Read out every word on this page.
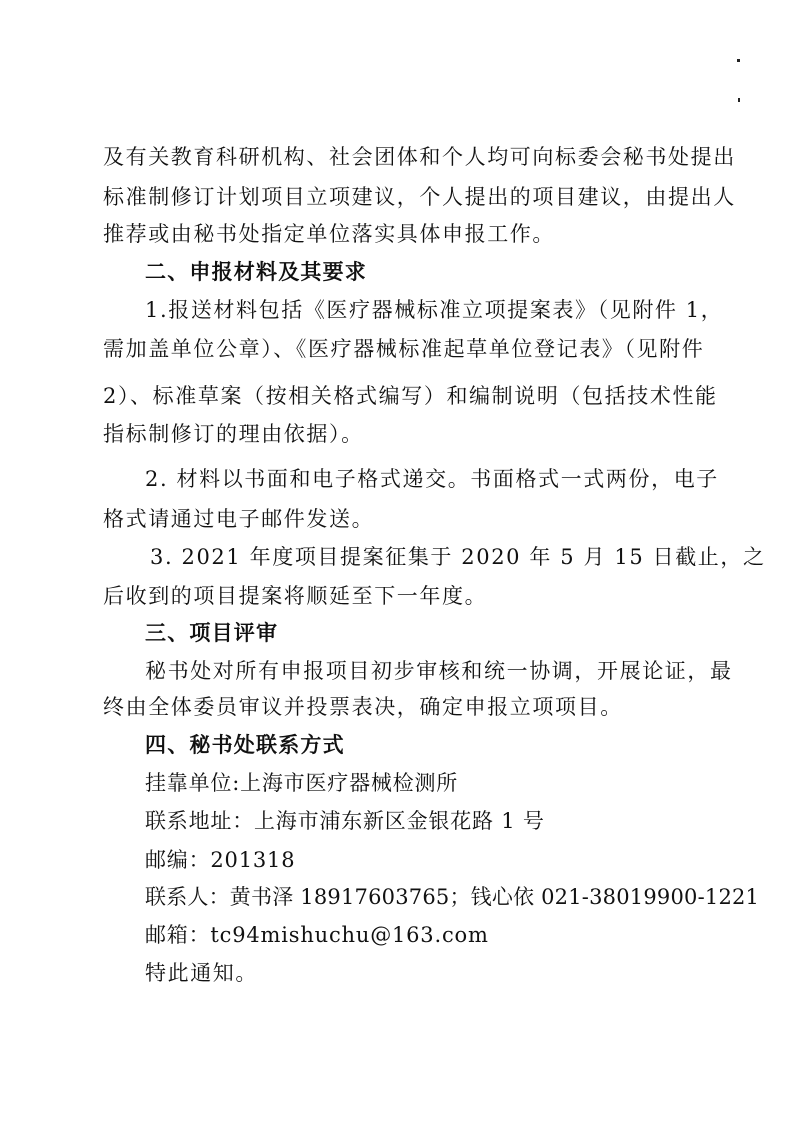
及有关教育科研机构、社会团体和个人均可向标委会秘书处提出
标准制修订计划项目立项建议，个人提出的项目建议，由提出人
推荐或由秘书处指定单位落实具体申报工作。
二、申报材料及其要求
1.报送材料包括《医疗器械标准立项提案表》（见附件 1，
需加盖单位公章）、《医疗器械标准起草单位登记表》（见附件
2）、标准草案（按相关格式编写）和编制说明（包括技术性能
指标制修订的理由依据）。
2. 材料以书面和电子格式递交。书面格式一式两份，电子
格式请通过电子邮件发送。
3. 2021 年度项目提案征集于 2020 年 5 月 15 日截止，之
后收到的项目提案将顺延至下一年度。
三、项目评审
秘书处对所有申报项目初步审核和统一协调，开展论证，最
终由全体委员审议并投票表决，确定申报立项项目。
四、秘书处联系方式
挂靠单位:上海市医疗器械检测所
联系地址：上海市浦东新区金银花路 1 号
邮编：201318
联系人：黄书泽 18917603765；钱心依 021-38019900-1221
邮箱：tc94mishuchu@163.com
特此通知。
